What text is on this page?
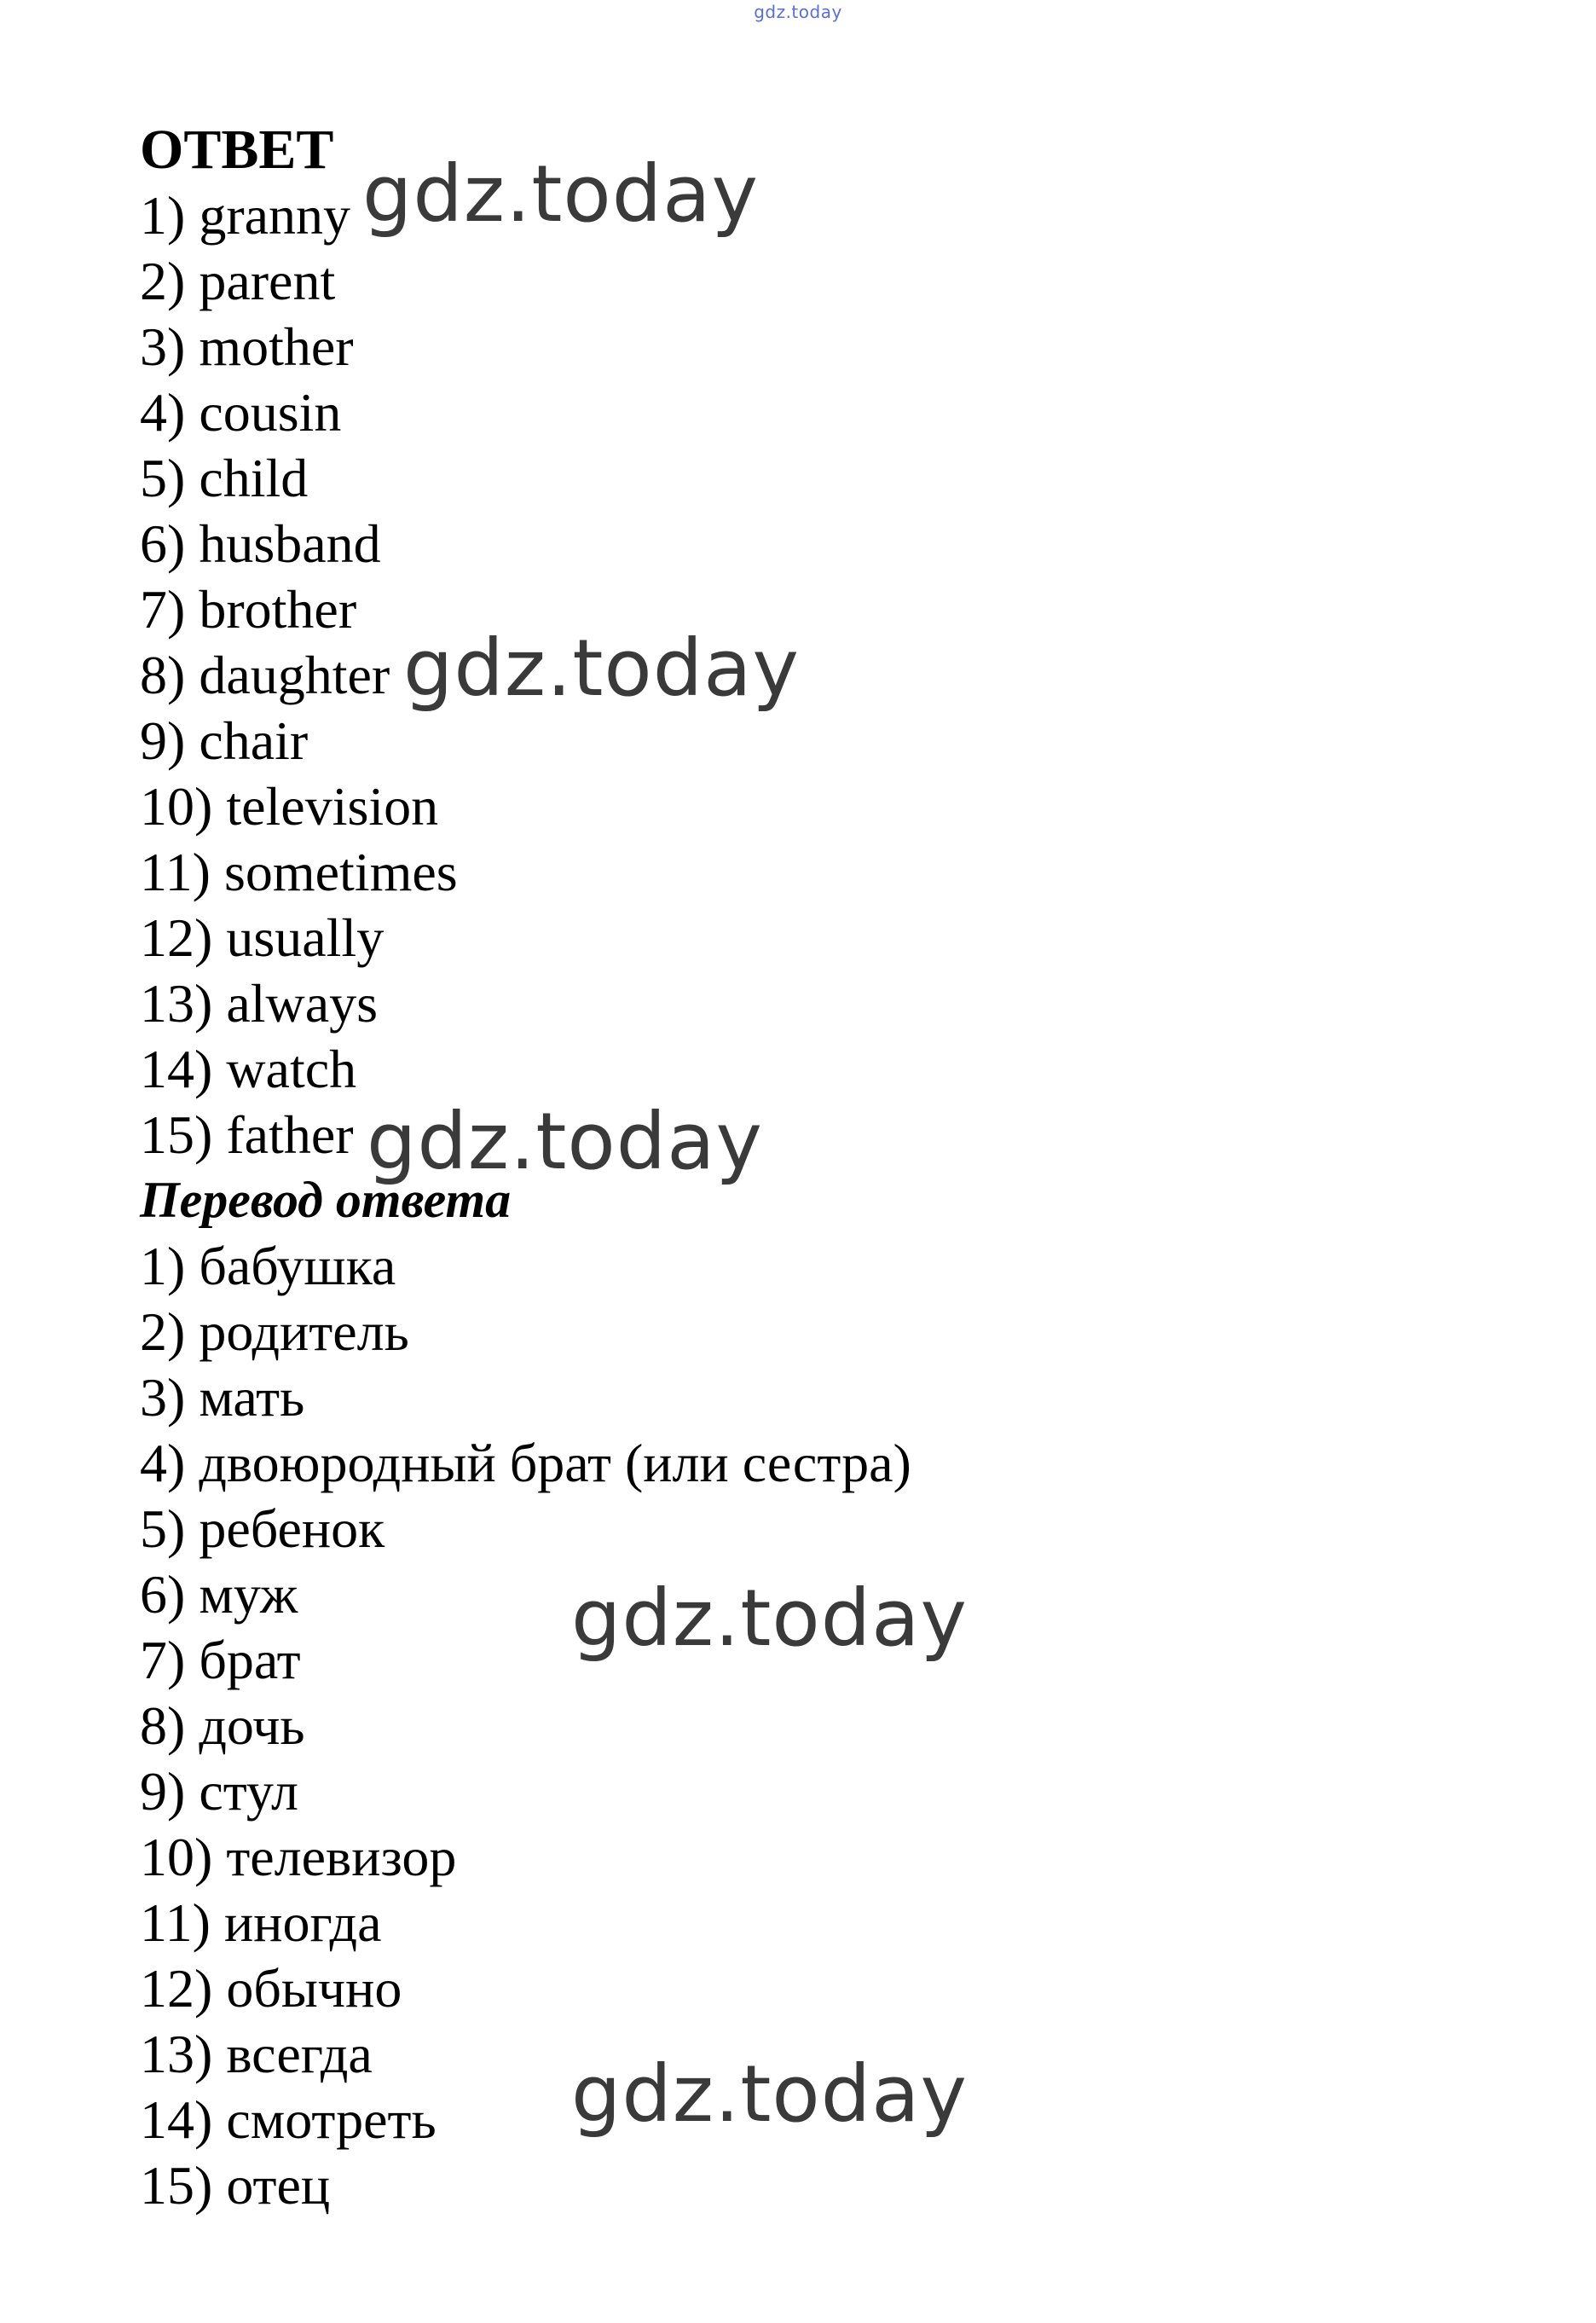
gdz.today
ОТВЕТ
1) granny
2) parent
3) mother
4) cousin
5) child
6) husband
7) brother
8) daughter
9) chair
10) television
11) sometimes
12) usually
13) always
14) watch
15) father
Перевод ответа
1) бабушка
2) родитель
3) мать
4) двоюродный брат (или сестра)
5) ребенок
6) муж
7) брат
8) дочь
9) стул
10) телевизор
11) иногда
12) обычно
13) всегда
14) смотреть
15) отец
gdz.today
gdz.today
gdz.today
gdz.today
gdz.today
